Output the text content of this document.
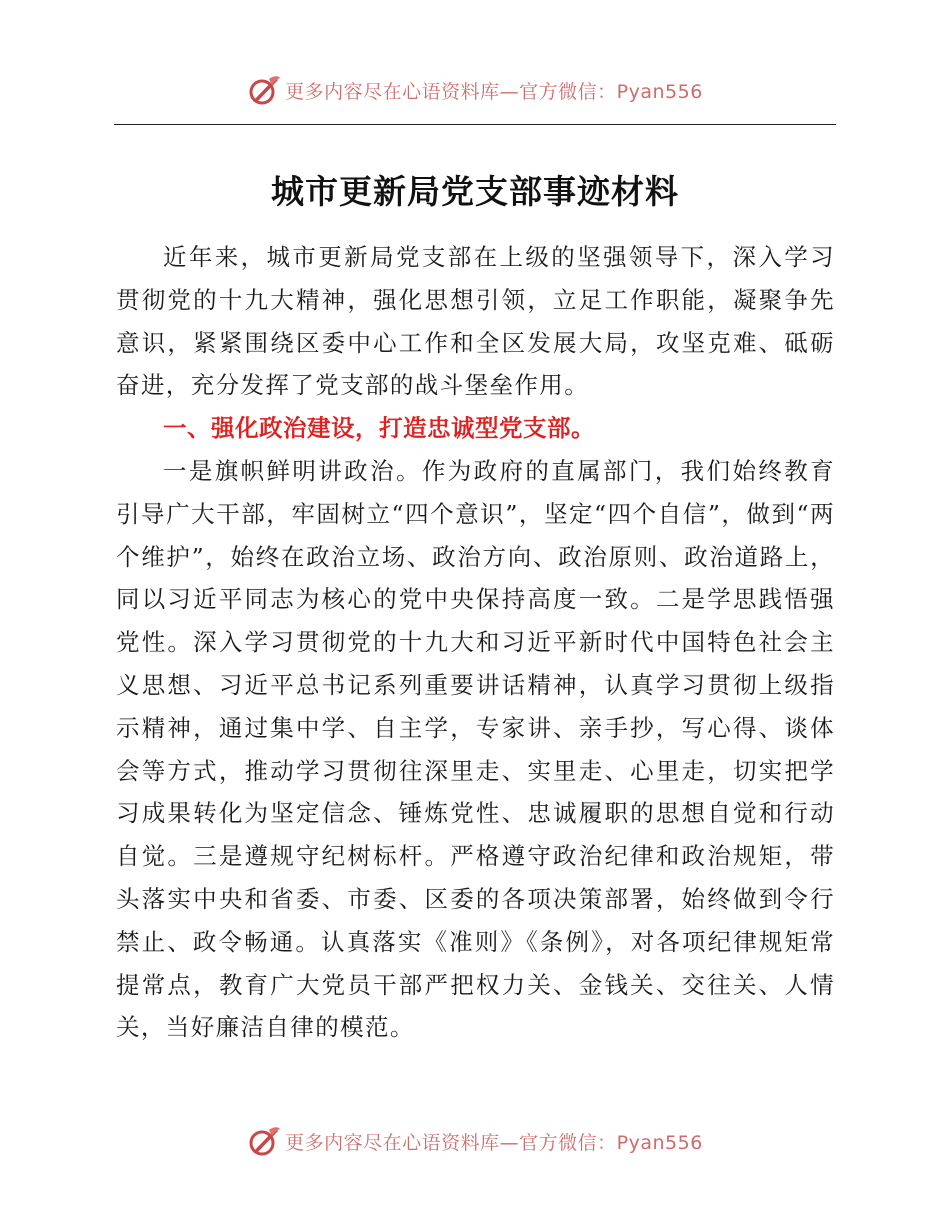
更多内容尽在心语资料库—官方微信：Pyan556
城市更新局党支部事迹材料

近年来，城市更新局党支部在上级的坚强领导下，深入学习贯彻党的十九大精神，强化思想引领，立足工作职能，凝聚争先意识，紧紧围绕区委中心工作和全区发展大局，攻坚克难、砥砺奋进，充分发挥了党支部的战斗堡垒作用。

一、强化政治建设，打造忠诚型党支部。

一是旗帜鲜明讲政治。作为政府的直属部门，我们始终教育引导广大干部，牢固树立“四个意识”，坚定“四个自信”，做到“两个维护”，始终在政治立场、政治方向、政治原则、政治道路上，同以习近平同志为核心的党中央保持高度一致。二是学思践悟强党性。深入学习贯彻党的十九大和习近平新时代中国特色社会主义思想、习近平总书记系列重要讲话精神，认真学习贯彻上级指示精神，通过集中学、自主学，专家讲、亲手抄，写心得、谈体会等方式，推动学习贯彻往深里走、实里走、心里走，切实把学习成果转化为坚定信念、锤炼党性、忠诚履职的思想自觉和行动自觉。三是遵规守纪树标杆。严格遵守政治纪律和政治规矩，带头落实中央和省委、市委、区委的各项决策部署，始终做到令行禁止、政令畅通。认真落实《准则》《条例》，对各项纪律规矩常提常点，教育广大党员干部严把权力关、金钱关、交往关、人情关，当好廉洁自律的模范。

更多内容尽在心语资料库—官方微信：Pyan556
